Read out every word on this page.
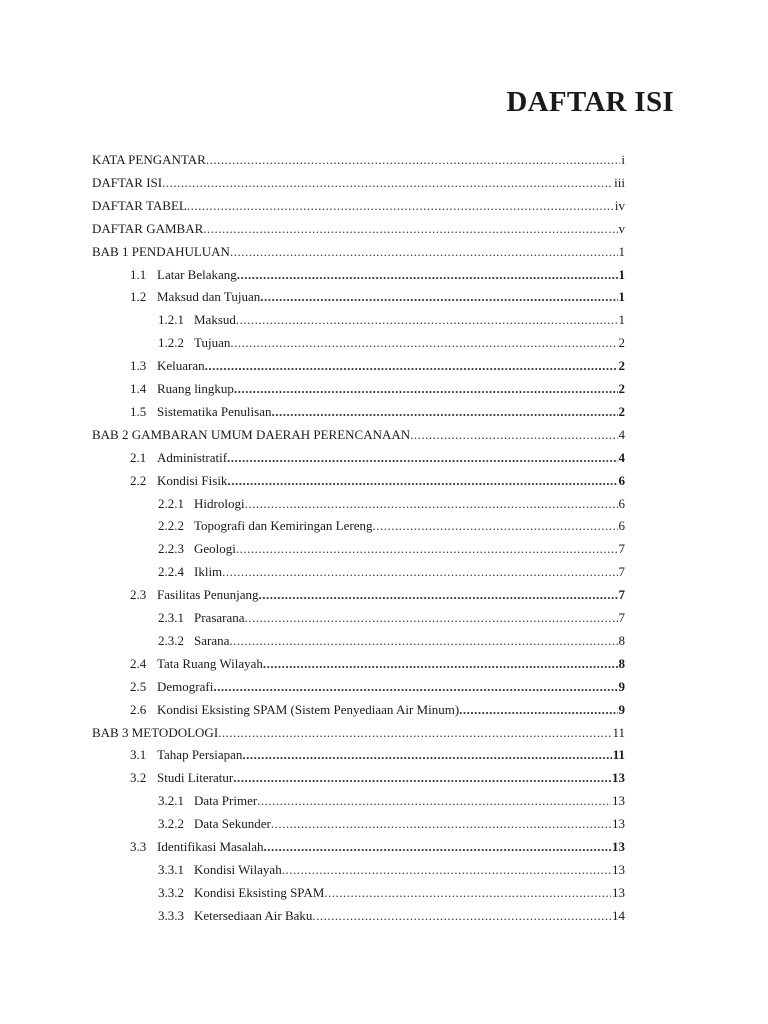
DAFTAR ISI
KATA PENGANTAR .....	i
DAFTAR ISI .....	iii
DAFTAR TABEL .....	iv
DAFTAR GAMBAR .....	v
BAB 1 PENDAHULUAN .....	1
1.1 Latar Belakang .....	1
1.2 Maksud dan Tujuan .....	1
1.2.1 Maksud .....	1
1.2.2 Tujuan .....	2
1.3 Keluaran .....	2
1.4 Ruang lingkup .....	2
1.5 Sistematika Penulisan .....	2
BAB 2 GAMBARAN UMUM DAERAH PERENCANAAN .....	4
2.1 Administratif .....	4
2.2 Kondisi Fisik .....	6
2.2.1 Hidrologi .....	6
2.2.2 Topografi dan Kemiringan Lereng .....	6
2.2.3 Geologi .....	7
2.2.4 Iklim .....	7
2.3 Fasilitas Penunjang .....	7
2.3.1 Prasarana .....	7
2.3.2 Sarana .....	8
2.4 Tata Ruang Wilayah .....	8
2.5 Demografi .....	9
2.6 Kondisi Eksisting SPAM (Sistem Penyediaan Air Minum) .....	9
BAB 3 METODOLOGI .....	11
3.1 Tahap Persiapan .....	11
3.2 Studi Literatur .....	13
3.2.1 Data Primer .....	13
3.2.2 Data Sekunder .....	13
3.3 Identifikasi Masalah .....	13
3.3.1 Kondisi Wilayah .....	13
3.3.2 Kondisi Eksisting SPAM .....	13
3.3.3 Ketersediaan Air Baku .....	14
